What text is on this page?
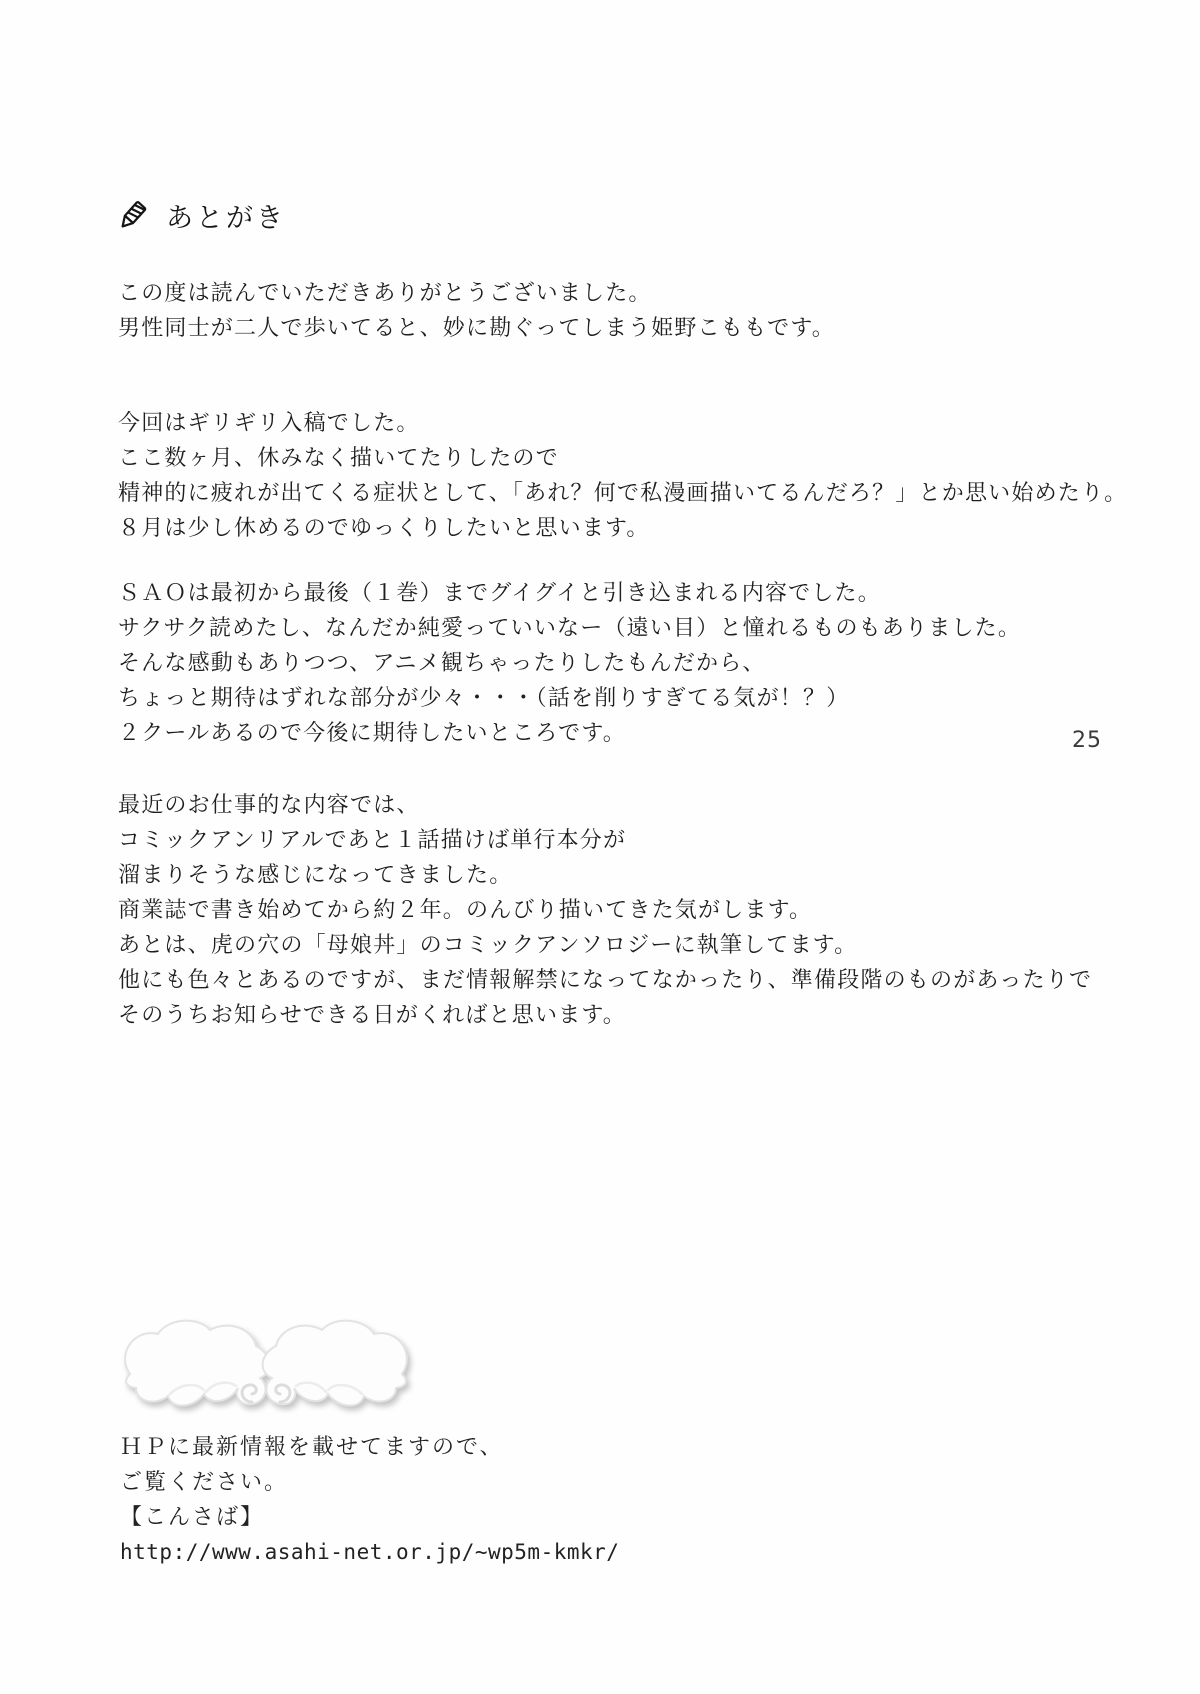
あとがき
この度は読んでいただきありがとうございました。
男性同士が二人で歩いてると、妙に勘ぐってしまう姫野こももです。
今回はギリギリ入稿でした。
ここ数ヶ月、休みなく描いてたりしたので
精神的に疲れが出てくる症状として、「あれ？何で私漫画描いてるんだろ？」とか思い始めたり。
８月は少し休めるのでゆっくりしたいと思います。
ＳＡＯは最初から最後（１巻）までグイグイと引き込まれる内容でした。
サクサク読めたし、なんだか純愛っていいなー（遠い目）と憧れるものもありました。
そんな感動もありつつ、アニメ観ちゃったりしたもんだから、
ちょっと期待はずれな部分が少々・・・（話を削りすぎてる気が！？）
２クールあるので今後に期待したいところです。
最近のお仕事的な内容では、
コミックアンリアルであと１話描けば単行本分が
溜まりそうな感じになってきました。
商業誌で書き始めてから約２年。のんびり描いてきた気がします。
あとは、虎の穴の「母娘丼」のコミックアンソロジーに執筆してます。
他にも色々とあるのですが、まだ情報解禁になってなかったり、準備段階のものがあったりで
そのうちお知らせできる日がくればと思います。
25
ＨＰに最新情報を載せてますので、
ご覧ください。
【こんさば】
http://www.asahi-net.or.jp/~wp5m-kmkr/
